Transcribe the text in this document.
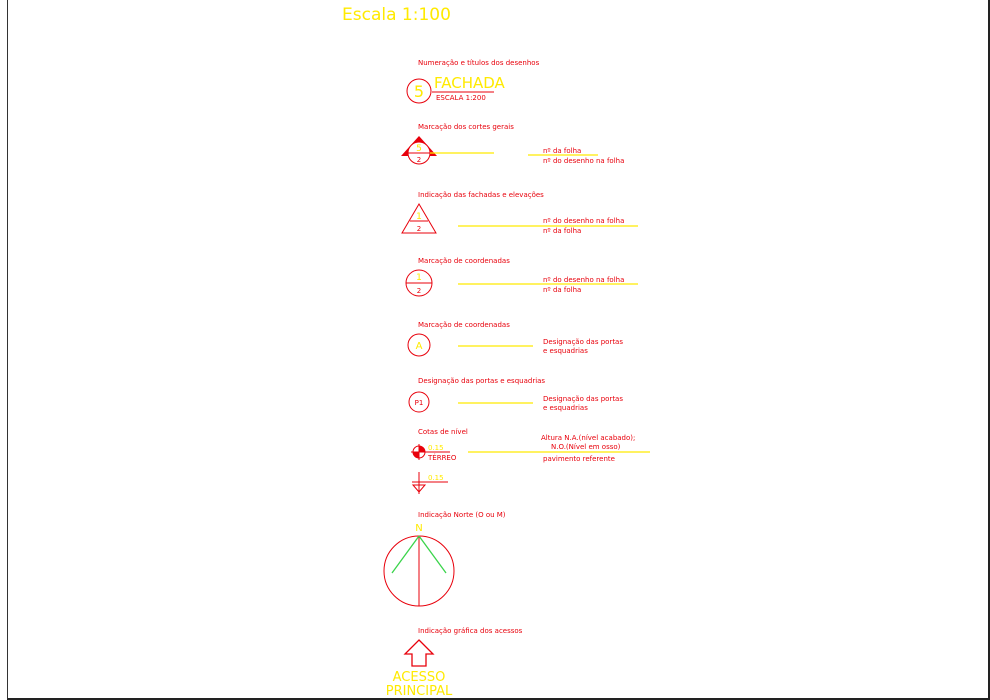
Escala 1:100
Numeração e títulos dos desenhos
5 FACHADA
ESCALA 1:200
Marcação dos cortes gerais
5
2
nº da folha
nº do desenho na folha
Indicação das fachadas e elevações
1
2
nº do desenho na folha
nº da folha
Marcação de coordenadas
1
2
nº do desenho na folha
nº da folha
Marcação de coordenadas
A	Designação das portas
e esquadrias
Designação das portas e esquadrias
P1	Designação das portas
e esquadrias
Cotas de nível
0.15
TÉRREO
Altura N.A.(nível acabado);
N.O.(Nível em osso)
pavimento referente
0.15
Indicação Norte (O ou M)
N
Indicação gráfica dos acessos
ACESSO
PRINCIPAL
